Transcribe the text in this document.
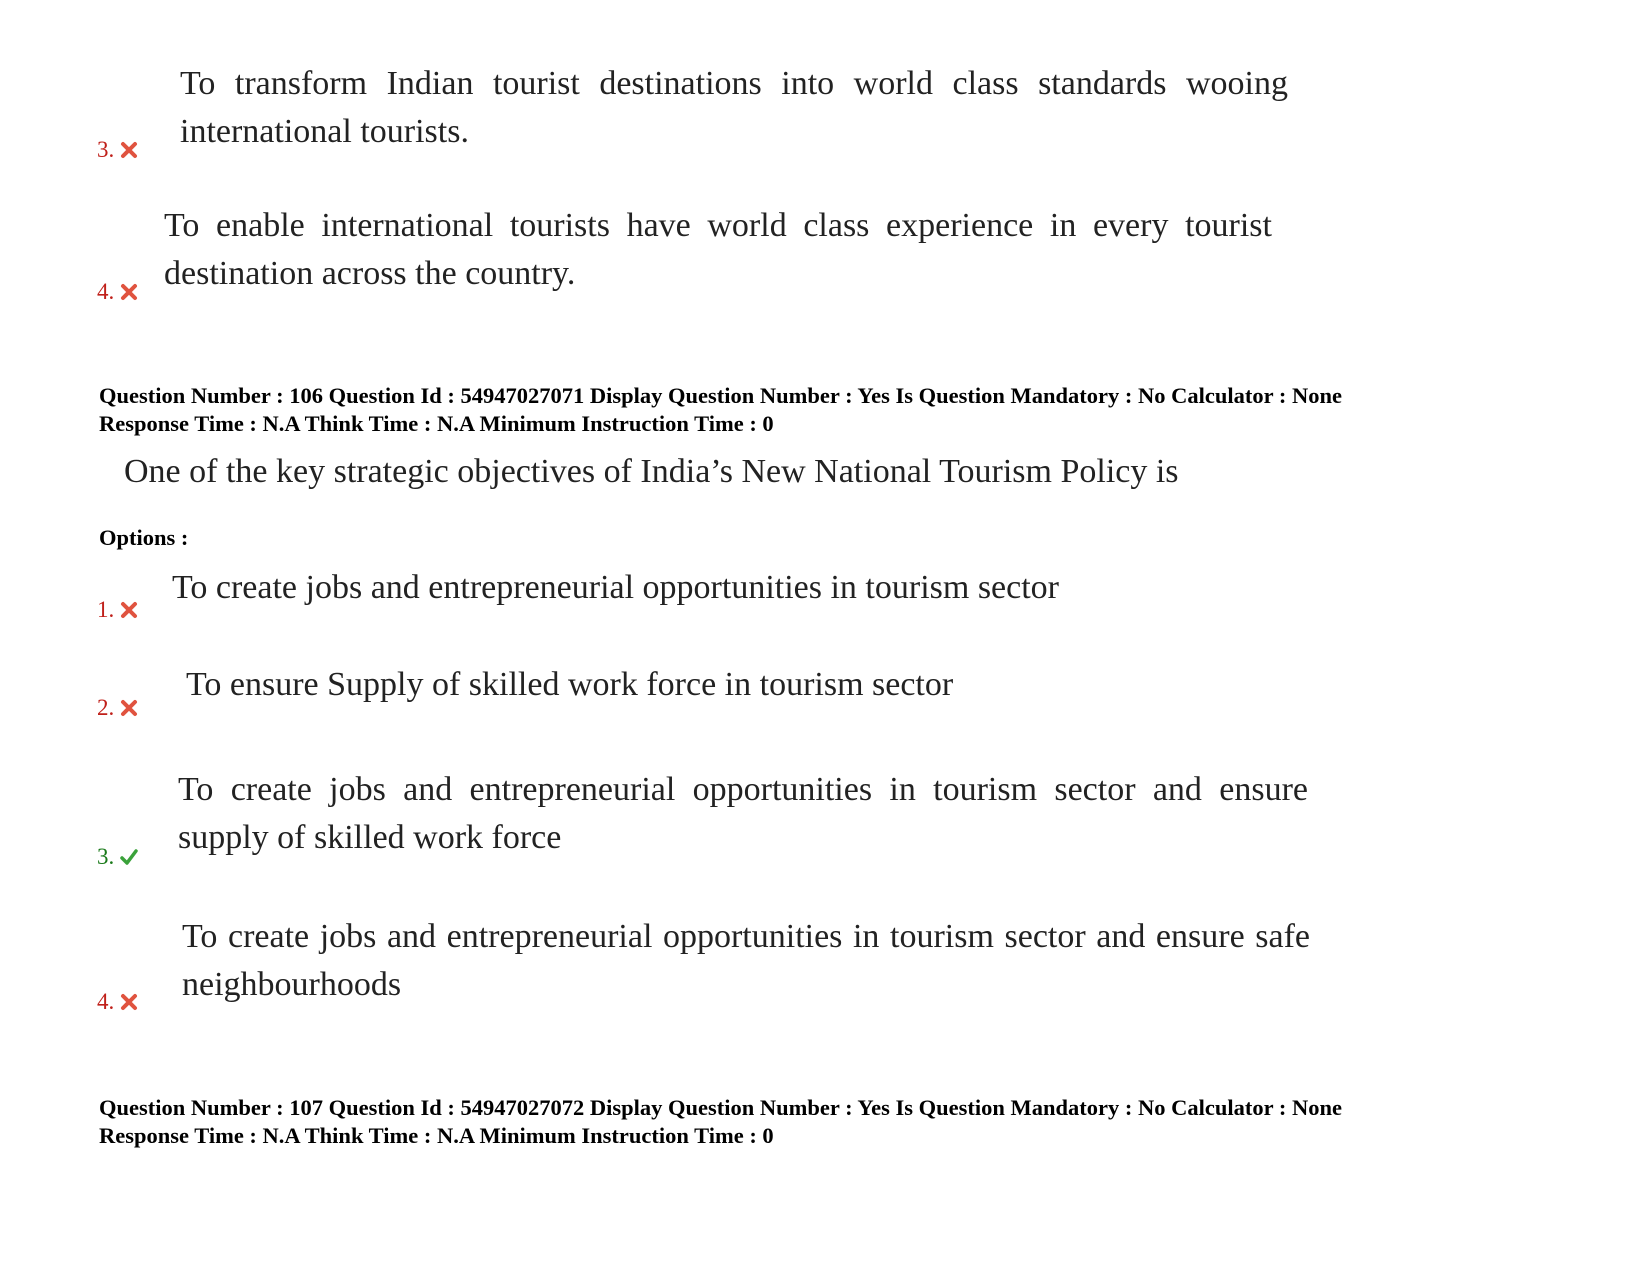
3.
To transform Indian tourist destinations into world class standards wooing international tourists.
4.
To enable international tourists have world class experience in every tourist destination across the country.
Question Number : 106 Question Id : 54947027071 Display Question Number : Yes Is Question Mandatory : No Calculator : None
Response Time : N.A Think Time : N.A Minimum Instruction Time : 0
One of the key strategic objectives of India’s New National Tourism Policy is
Options :
1.
To create jobs and entrepreneurial opportunities in tourism sector
2.
To ensure Supply of skilled work force in tourism sector
3.
To create jobs and entrepreneurial opportunities in tourism sector and ensure supply of skilled work force
4.
To create jobs and entrepreneurial opportunities in tourism sector and ensure safe neighbourhoods
Question Number : 107 Question Id : 54947027072 Display Question Number : Yes Is Question Mandatory : No Calculator : None
Response Time : N.A Think Time : N.A Minimum Instruction Time : 0
